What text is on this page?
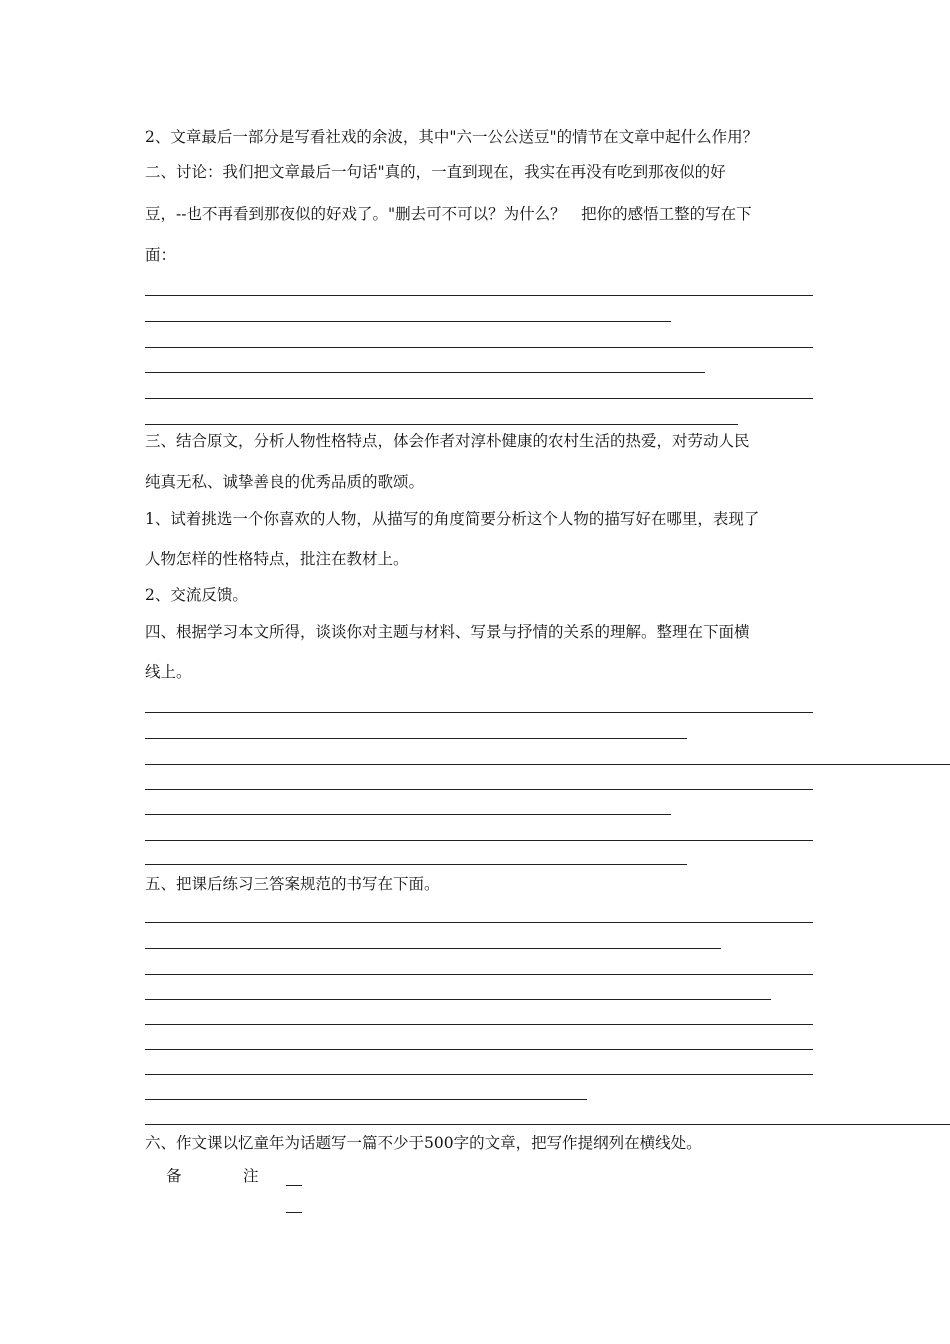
2、文章最后一部分是写看社戏的余波，其中"六一公公送豆"的情节在文章中起什么作用？
二、讨论：我们把文章最后一句话"真的，一直到现在，我实在再没有吃到那夜似的好
豆，--也不再看到那夜似的好戏了。"删去可不可以？为什么？　把你的感悟工整的写在下
面：
三、结合原文，分析人物性格特点，体会作者对淳朴健康的农村生活的热爱，对劳动人民
纯真无私、诚挚善良的优秀品质的歌颂。
1、试着挑选一个你喜欢的人物，从描写的角度简要分析这个人物的描写好在哪里，表现了
人物怎样的性格特点，批注在教材上。
2、交流反馈。
四、根据学习本文所得，谈谈你对主题与材料、写景与抒情的关系的理解。整理在下面横
线上。
五、把课后练习三答案规范的书写在下面。
六、作文课以忆童年为话题写一篇不少于500字的文章，把写作提纲列在横线处。
备	注
